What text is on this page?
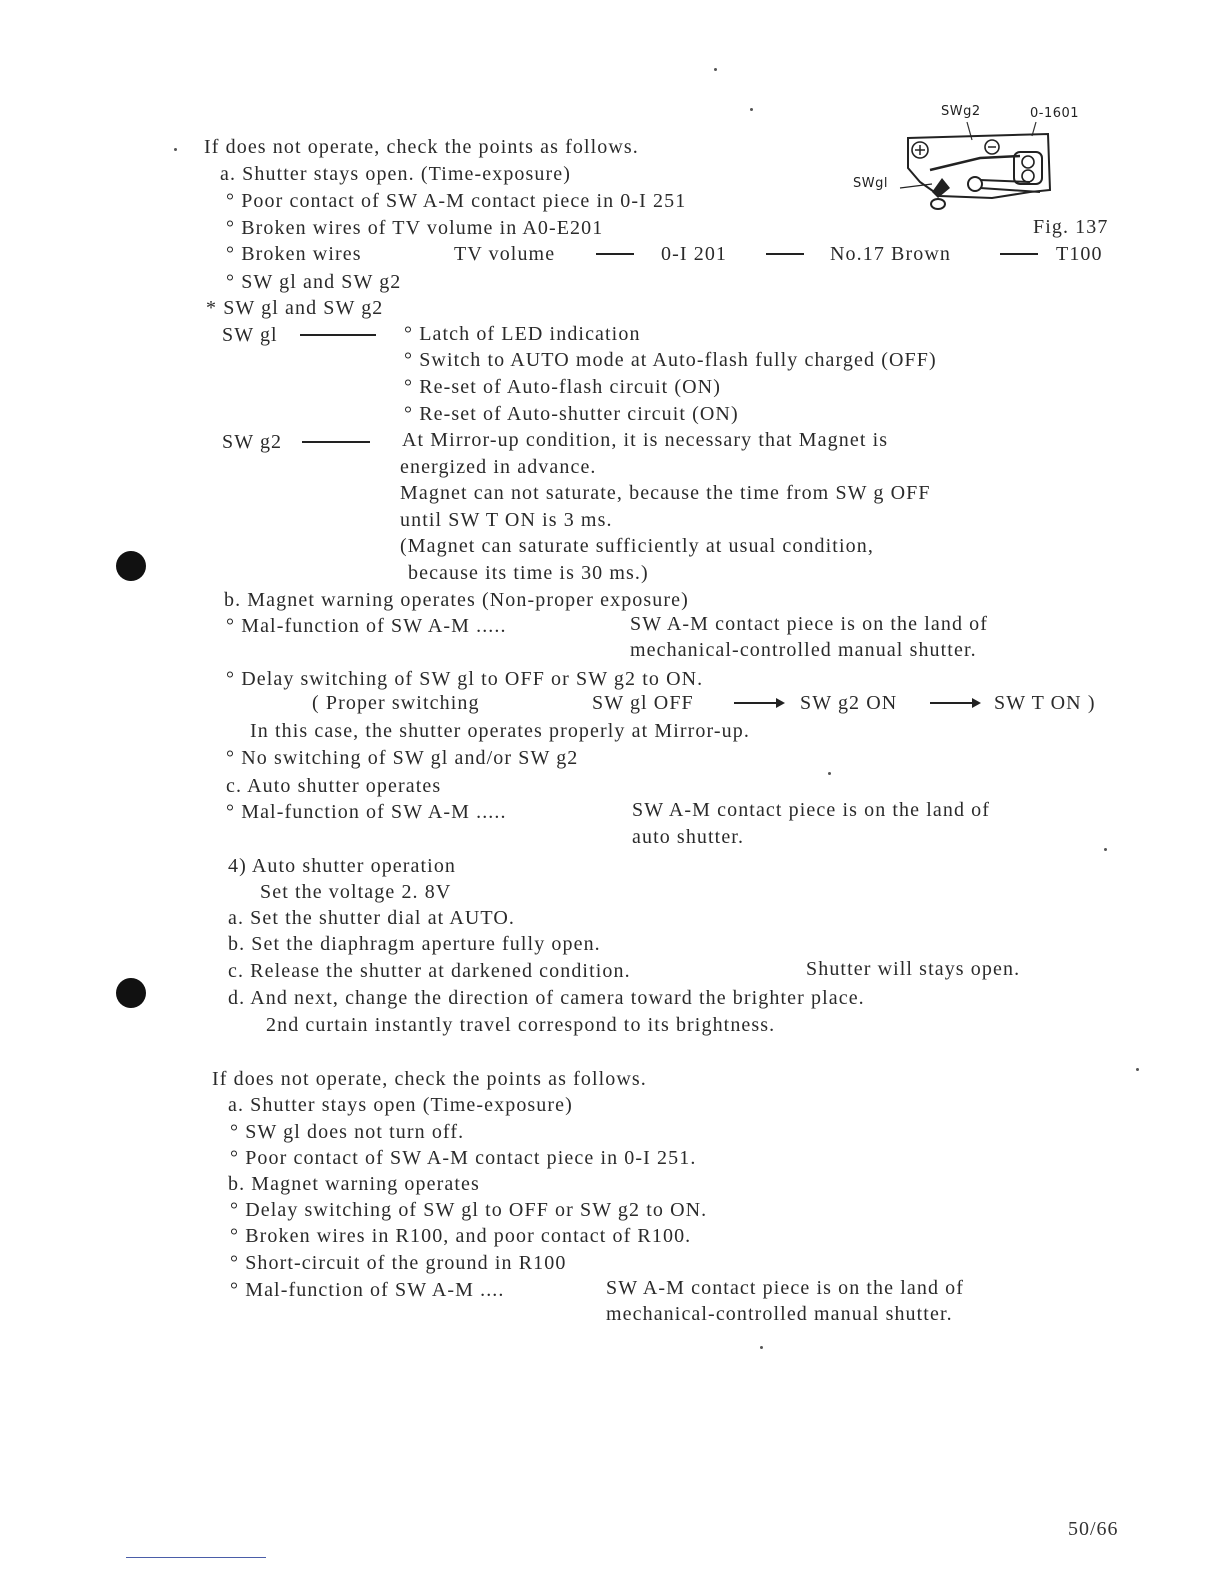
SWg2	0-1601
SWgl
Fig. 137
If does not operate, check the points as follows.
a. Shutter stays open. (Time-exposure)
° Poor contact of SW A-M contact piece in 0-I 251
° Broken wires of TV volume in A0-E201
° Broken wires	TV volume	0-I 201	No.17 Brown	T100
° SW gl and SW g2
* SW gl and SW g2
SW gl	° Latch of LED indication
° Switch to AUTO mode at Auto-flash fully charged (OFF)
° Re-set of Auto-flash circuit (ON)
° Re-set of Auto-shutter circuit (ON)
SW g2	At Mirror-up condition, it is necessary that Magnet is
energized in advance.
Magnet can not saturate, because the time from SW g OFF
until SW T ON is 3 ms.
(Magnet can saturate sufficiently at usual condition,
because its time is 30 ms.)
b. Magnet warning operates (Non-proper exposure)
° Mal-function of SW A-M .....	SW A-M contact piece is on the land of
mechanical-controlled manual shutter.
° Delay switching of SW gl to OFF or SW g2 to ON.
( Proper switching	SW gl OFF	SW g2 ON	SW T ON )
In this case, the shutter operates properly at Mirror-up.
° No switching of SW gl and/or SW g2
c. Auto shutter operates
° Mal-function of SW A-M .....	SW A-M contact piece is on the land of
auto shutter.
4) Auto shutter operation
Set the voltage 2. 8V
a. Set the shutter dial at AUTO.
b. Set the diaphragm aperture fully open.
c. Release the shutter at darkened condition.	Shutter will stays open.
d. And next, change the direction of camera toward the brighter place.
2nd curtain instantly travel correspond to its brightness.
If does not operate, check the points as follows.
a. Shutter stays open (Time-exposure)
° SW gl does not turn off.
° Poor contact of SW A-M contact piece in 0-I 251.
b. Magnet warning operates
° Delay switching of SW gl to OFF or SW g2 to ON.
° Broken wires in R100, and poor contact of R100.
° Short-circuit of the ground in R100
° Mal-function of SW A-M ....	SW A-M contact piece is on the land of
mechanical-controlled manual shutter.
50/66
